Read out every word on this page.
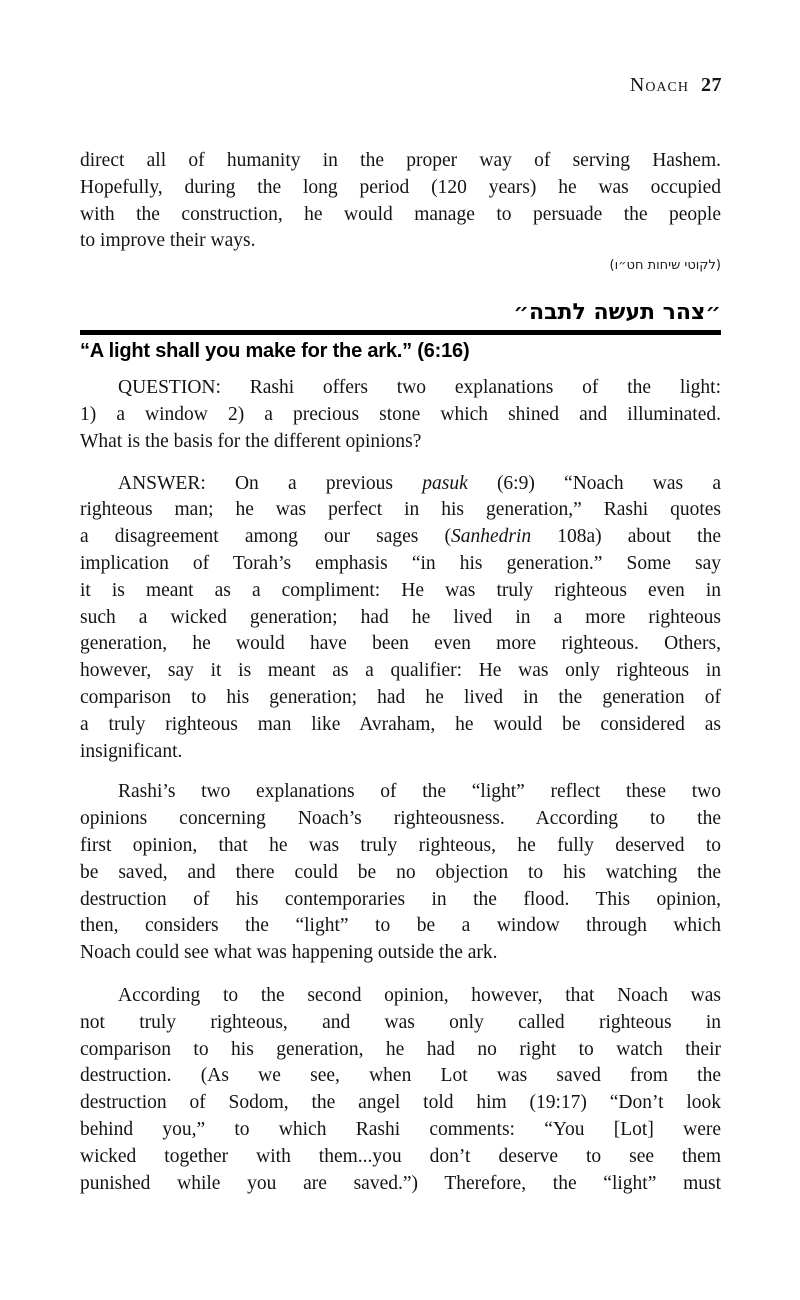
Noach 27
direct all of humanity in the proper way of serving Hashem.
Hopefully, during the long period (120 years) he was occupied
with the construction, he would manage to persuade the people
to improve their ways.
(לקוטי שיחות חט״ו)
״צהר תעשה לתבה״
“A light shall you make for the ark.” (6:16)
QUESTION: Rashi offers two explanations of the light:
1) a window 2) a precious stone which shined and illuminated.
What is the basis for the different opinions?
ANSWER: On a previous pasuk (6:9) “Noach was a
righteous man; he was perfect in his generation,” Rashi quotes
a disagreement among our sages (Sanhedrin 108a) about the
implication of Torah’s emphasis “in his generation.” Some say
it is meant as a compliment: He was truly righteous even in
such a wicked generation; had he lived in a more righteous
generation, he would have been even more righteous. Others,
however, say it is meant as a qualifier: He was only righteous in
comparison to his generation; had he lived in the generation of
a truly righteous man like Avraham, he would be considered as
insignificant.
Rashi’s two explanations of the “light” reflect these two
opinions concerning Noach’s righteousness. According to the
first opinion, that he was truly righteous, he fully deserved to
be saved, and there could be no objection to his watching the
destruction of his contemporaries in the flood. This opinion,
then, considers the “light” to be a window through which
Noach could see what was happening outside the ark.
According to the second opinion, however, that Noach was
not truly righteous, and was only called righteous in
comparison to his generation, he had no right to watch their
destruction. (As we see, when Lot was saved from the
destruction of Sodom, the angel told him (19:17) “Don’t look
behind you,” to which Rashi comments: “You [Lot] were
wicked together with them...you don’t deserve to see them
punished while you are saved.”) Therefore, the “light” must
